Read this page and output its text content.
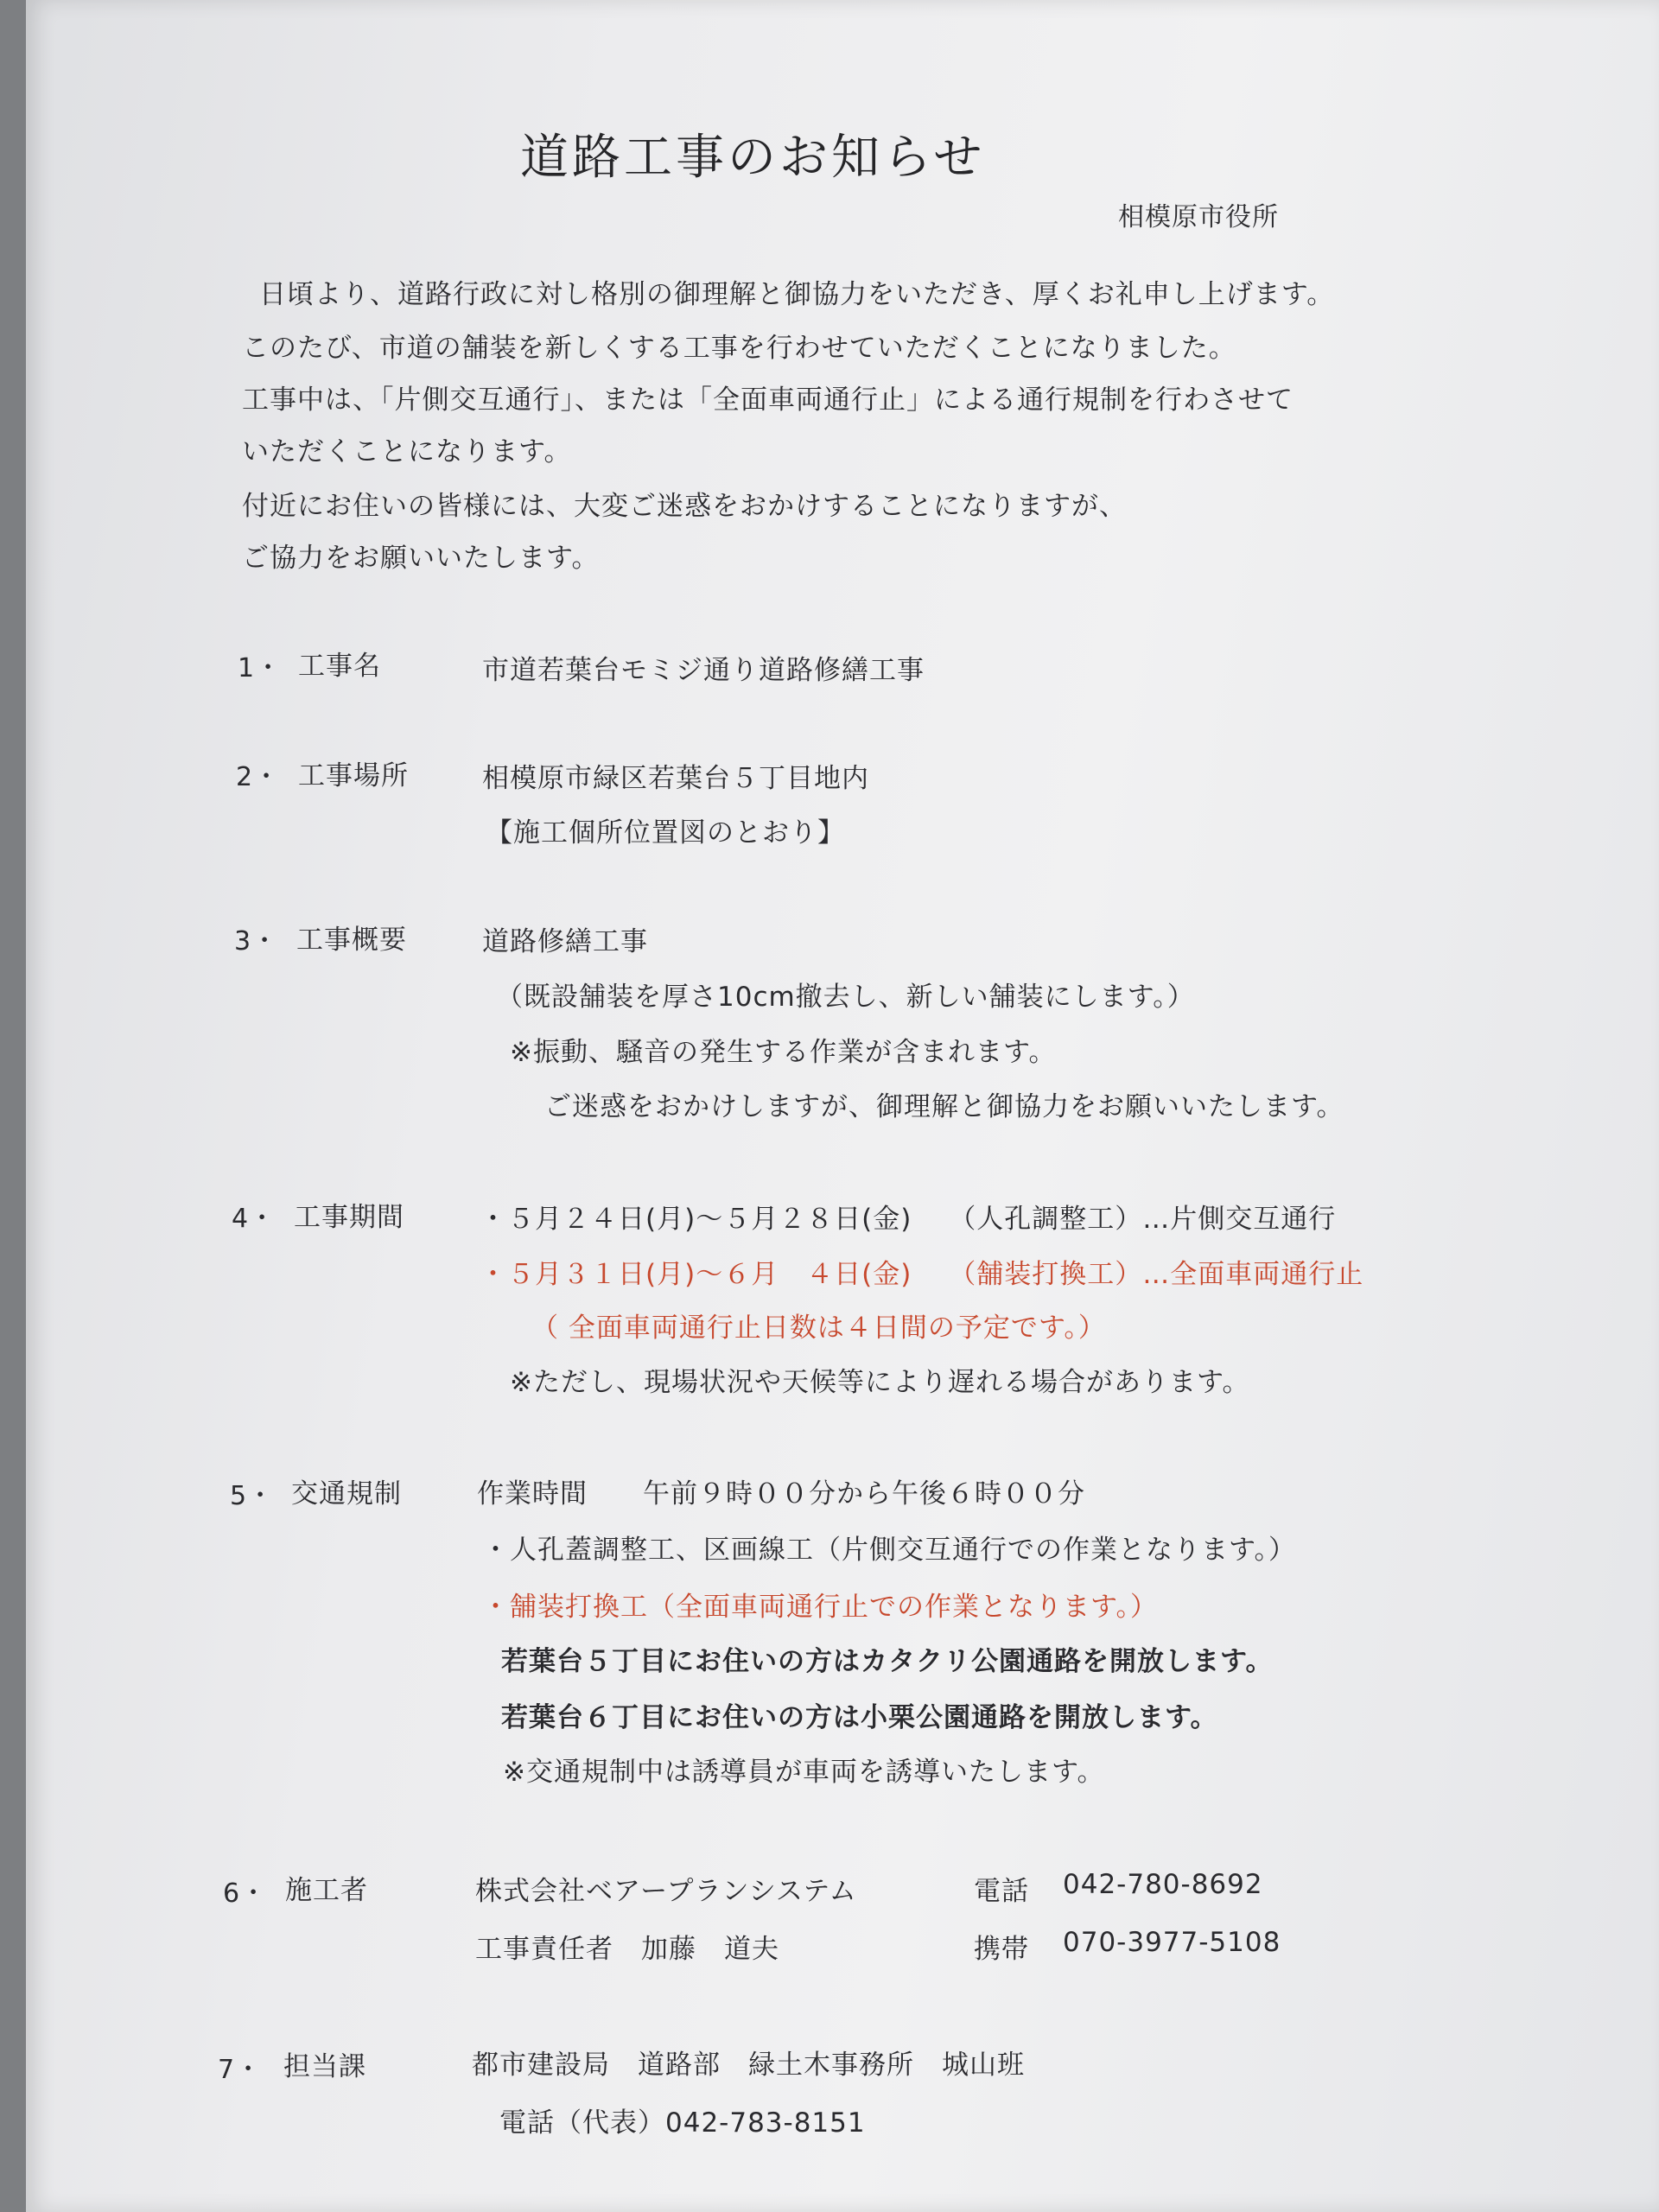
道路工事のお知らせ
相模原市役所
日頃より、道路行政に対し格別の御理解と御協力をいただき、厚くお礼申し上げます。
このたび、市道の舗装を新しくする工事を行わせていただくことになりました。
工事中は、「片側交互通行」、または「全面車両通行止」による通行規制を行わさせて
いただくことになります。
付近にお住いの皆様には、大変ご迷惑をおかけすることになりますが、
ご協力をお願いいたします。
1・ 工事名	市道若葉台モミジ通り道路修繕工事
2・ 工事場所	相模原市緑区若葉台５丁目地内
【施工個所位置図のとおり】
3・ 工事概要	道路修繕工事
（既設舗装を厚さ10cm撤去し、新しい舗装にします。）
※振動、騒音の発生する作業が含まれます。
ご迷惑をおかけしますが、御理解と御協力をお願いいたします。
4・ 工事期間	・５月２４日(月)～５月２８日(金)　 （人孔調整工）…片側交互通行
・５月３１日(月)～６月　４日(金)　 （舗装打換工）…全面車両通行止
（ 全面車両通行止日数は４日間の予定です。）
※ただし、現場状況や天候等により遅れる場合があります。
5・ 交通規制	作業時間　　午前９時００分から午後６時００分
・人孔蓋調整工、区画線工（片側交互通行での作業となります。）
・舗装打換工（全面車両通行止での作業となります。）
若葉台５丁目にお住いの方はカタクリ公園通路を開放します。
若葉台６丁目にお住いの方は小栗公園通路を開放します。
※交通規制中は誘導員が車両を誘導いたします。
6・ 施工者	株式会社ベアープランシステム	電話 042-780-8692
工事責任者　加藤　道夫	携帯 070-3977-5108
7・ 担当課	都市建設局　道路部　緑土木事務所　城山班
電話（代表）042-783-8151
